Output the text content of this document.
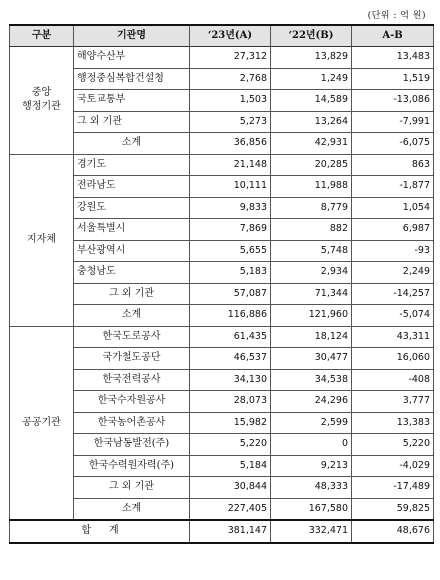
(단위 : 억 원)
구분	기관명	‘23년(A)	‘22년(B)	A-B
중앙
행정기관	해양수산부	27,312	13,829	13,483
	행정중심복합건설청	2,768	1,249	1,519
	국토교통부	1,503	14,589	-13,086
	그 외 기관	5,273	13,264	-7,991
	소계	36,856	42,931	-6,075
지자체	경기도	21,148	20,285	863
	전라남도	10,111	11,988	-1,877
	강원도	9,833	8,779	1,054
	서울특별시	7,869	882	6,987
	부산광역시	5,655	5,748	-93
	충청남도	5,183	2,934	2,249
	그 외 기관	57,087	71,344	-14,257
	소계	116,886	121,960	-5,074
공공기관	한국도로공사	61,435	18,124	43,311
	국가철도공단	46,537	30,477	16,060
	한국전력공사	34,130	34,538	-408
	한국수자원공사	28,073	24,296	3,777
	한국농어촌공사	15,982	2,599	13,383
	한국남동발전(주)	5,220	0	5,220
	한국수력원자력(주)	5,184	9,213	-4,029
	그 외 기관	30,844	48,333	-17,489
	소계	227,405	167,580	59,825
합계		381,147	332,471	48,676
